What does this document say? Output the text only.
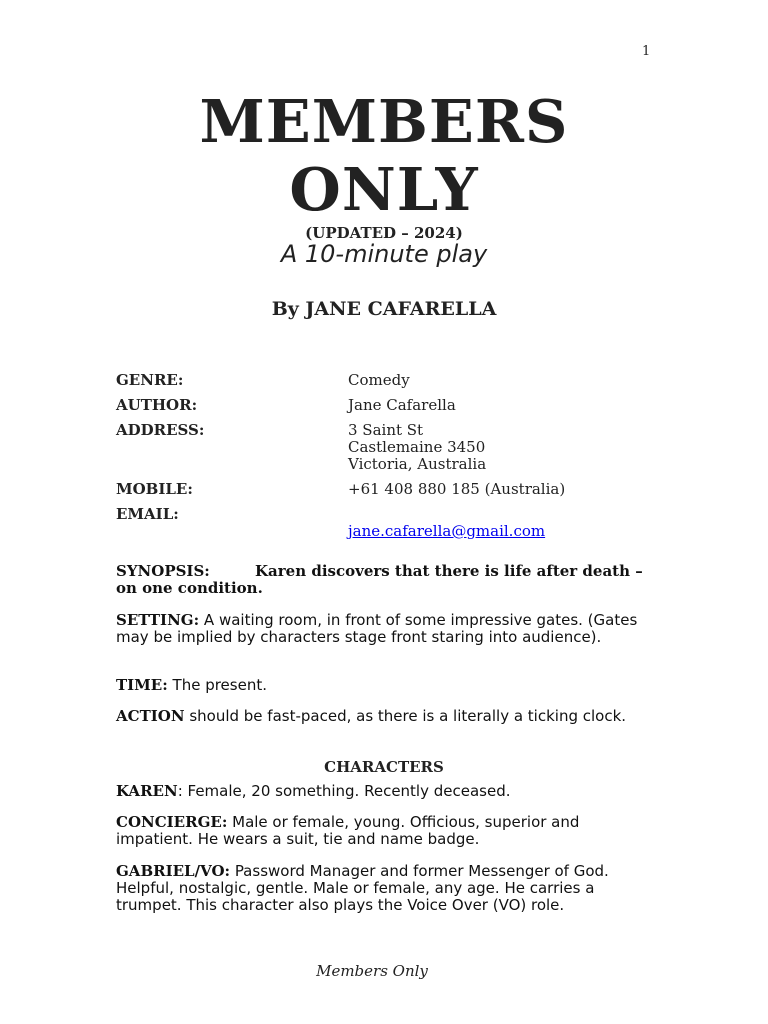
1
MEMBERS
ONLY
(UPDATED – 2024)
A 10-minute play
By JANE CAFARELLA
GENRE:	Comedy
AUTHOR:	Jane Cafarella
ADDRESS:	3 Saint St
Castlemaine 3450
Victoria, Australia
MOBILE:	+61 408 880 185 (Australia)
EMAIL:

jane.cafarella@gmail.com

SYNOPSIS:	Karen discovers that there is life after death – on one condition.
SETTING: A waiting room, in front of some impressive gates. (Gates may be implied by characters stage front staring into audience).
TIME: The present.
ACTION should be fast-paced, as there is a literally a ticking clock.
CHARACTERS
KAREN: Female, 20 something. Recently deceased.
CONCIERGE: Male or female, young. Officious, superior and impatient. He wears a suit, tie and name badge.
GABRIEL/VO: Password Manager and former Messenger of God. Helpful, nostalgic, gentle. Male or female, any age. He carries a trumpet. This character also plays the Voice Over (VO) role.
Members Only
